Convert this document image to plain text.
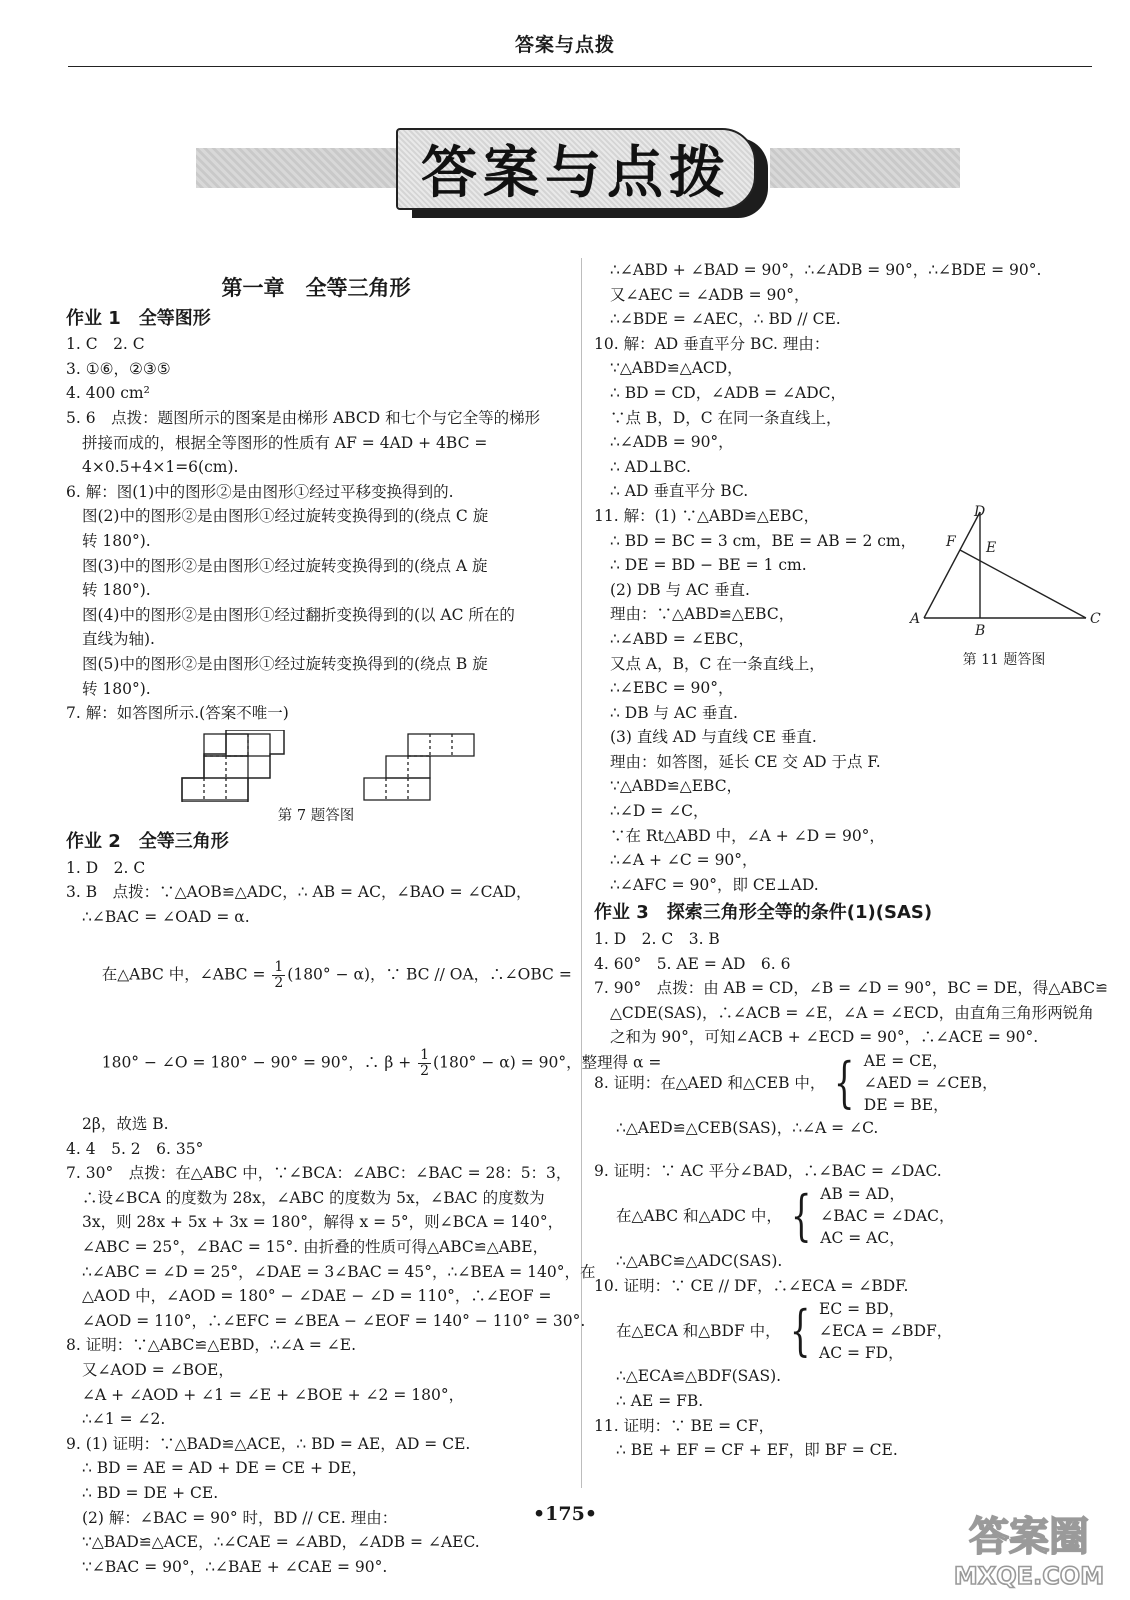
答案与点拨
答案与点拨
第一章　全等三角形
作业 1　全等图形
1. C　2. C
3. ①⑥，②③⑤
4. 400 cm²
5. 6　点拨：题图所示的图案是由梯形 ABCD 和七个与它全等的梯形
拼接而成的，根据全等图形的性质有 AF = 4AD + 4BC =
4×0.5+4×1=6(cm).
6. 解：图(1)中的图形②是由图形①经过平移变换得到的.
图(2)中的图形②是由图形①经过旋转变换得到的(绕点 C 旋
转 180°).
图(3)中的图形②是由图形①经过旋转变换得到的(绕点 A 旋
转 180°).
图(4)中的图形②是由图形①经过翻折变换得到的(以 AC 所在的
直线为轴).
图(5)中的图形②是由图形①经过旋转变换得到的(绕点 B 旋
转 180°).
7. 解：如答图所示.(答案不唯一)
第 7 题答图
作业 2　全等三角形
1. D　2. C
3. B　点拨：∵△AOB≌△ADC，∴ AB = AC，∠BAO = ∠CAD，
∴∠BAC = ∠OAD = α.

在△ABC 中，∠ABC = $\frac{1}{2} (180^\circ - \alpha)$，∵ BC // OA，∴∠OBC =

180° − ∠O = 180° − 90° = 90°，∴ $\beta + \frac{1}{2} (180^\circ - \alpha) = 90^\circ$，整理得 α =

2β，故选 B.
4. 4　5. 2　6. 35°
7. 30°　点拨：在△ABC 中，∵∠BCA：∠ABC：∠BAC = 28：5：3，
∴设∠BCA 的度数为 28x，∠ABC 的度数为 5x，∠BAC 的度数为
3x，则 28x + 5x + 3x = 180°，解得 x = 5°，则∠BCA = 140°，
∠ABC = 25°，∠BAC = 15°. 由折叠的性质可得△ABC≌△ABE，
∴∠ABC = ∠D = 25°，∠DAE = 3∠BAC = 45°，∴∠BEA = 140°，在
△AOD 中，∠AOD = 180° − ∠DAE − ∠D = 110°，∴∠EOF =
∠AOD = 110°，∴∠EFC = ∠BEA − ∠EOF = 140° − 110° = 30°.
8. 证明：∵△ABC≌△EBD，∴∠A = ∠E.
又∠AOD = ∠BOE，
∠A + ∠AOD + ∠1 = ∠E + ∠BOE + ∠2 = 180°，
∴∠1 = ∠2.
9. (1) 证明：∵△BAD≌△ACE，∴ BD = AE，AD = CE.
∴ BD = AE = AD + DE = CE + DE，
∴ BD = DE + CE.
(2) 解：∠BAC = 90° 时，BD // CE. 理由：
∵△BAD≌△ACE，∴∠CAE = ∠ABD，∠ADB = ∠AEC.
∵∠BAC = 90°，∴∠BAE + ∠CAE = 90°.
∴∠ABD + ∠BAD = 90°，∴∠ADB = 90°，∴∠BDE = 90°.
又∠AEC = ∠ADB = 90°，
∴∠BDE = ∠AEC，∴ BD // CE.
10. 解：AD 垂直平分 BC. 理由：
∵△ABD≌△ACD，
∴ BD = CD，∠ADB = ∠ADC，
∵点 B，D，C 在同一条直线上，
∴∠ADB = 90°，
∴ AD⊥BC.
∴ AD 垂直平分 BC.
11. 解：(1) ∵△ABD≌△EBC，
∴ BD = BC = 3 cm，BE = AB = 2 cm，
∴ DE = BD − BE = 1 cm.
(2) DB 与 AC 垂直.
理由：∵△ABD≌△EBC，
∴∠ABD = ∠EBC，
又点 A，B，C 在一条直线上，
∴∠EBC = 90°，
∴ DB 与 AC 垂直.
(3) 直线 AD 与直线 CE 垂直.
理由：如答图，延长 CE 交 AD 于点 F.
∵△ABD≌△EBC，
∴∠D = ∠C，
∵在 Rt△ABD 中，∠A + ∠D = 90°，
∴∠A + ∠C = 90°，
∴∠AFC = 90°，即 CE⊥AD.
D
F E
A
B
C
第 11 题答图
作业 3　探索三角形全等的条件(1)(SAS)
1. D　2. C　3. B
4. 60°　5. AE = AD　6. 6
7. 90°　点拨：由 AB = CD，∠B = ∠D = 90°，BC = DE，得△ABC≌
△CDE(SAS)，∴∠ACB = ∠E，∠A = ∠ECD，由直角三角形两锐角
之和为 90°，可知∠ACB + ∠ECD = 90°，∴∠ACE = 90°.
8. 证明：在△AED 和△CEB 中， { AE = CE，
∠AED = ∠CEB，
DE = BE，
∴△AED≌△CEB(SAS)，∴∠A = ∠C.
9. 证明：∵ AC 平分∠BAD，∴∠BAC = ∠DAC.
在△ABC 和△ADC 中， { AB = AD，
∠BAC = ∠DAC，
AC = AC，
∴△ABC≌△ADC(SAS).
10. 证明：∵ CE // DF，∴∠ECA = ∠BDF.
在△ECA 和△BDF 中， { EC = BD，
∠ECA = ∠BDF，
AC = FD，
∴△ECA≌△BDF(SAS).
∴ AE = FB.
11. 证明：∵ BE = CF，
∴ BE + EF = CF + EF，即 BF = CE.
•175•	答案圈
MXQE.COM
